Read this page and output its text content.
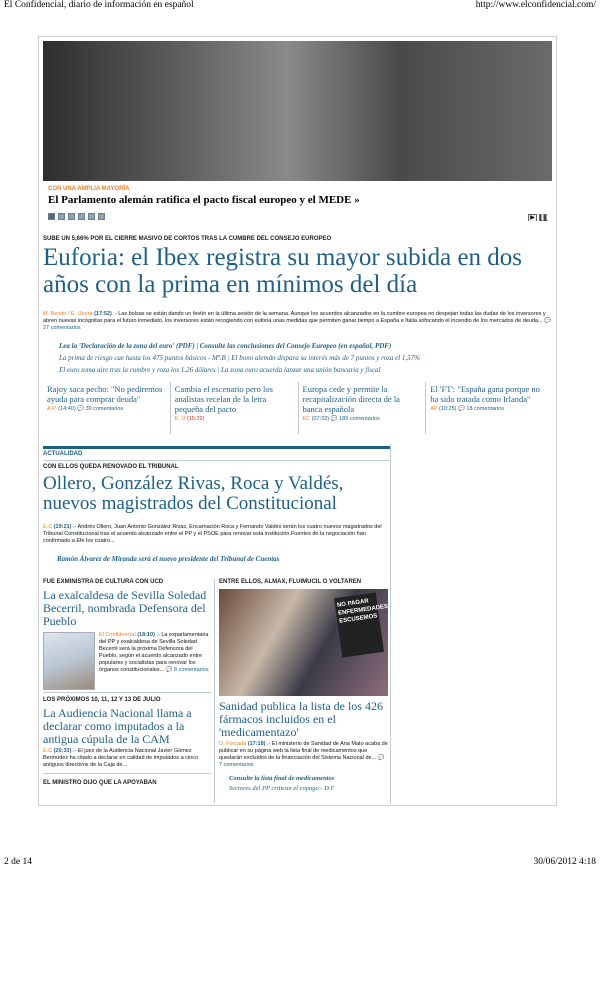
El Confidencial, diario de información en español	http://www.elconfidencial.com/
CON UNA AMPLIA MAYORÍA
El Parlamento alemán ratifica el pacto fiscal europeo y el MEDE »
▶ ❚❚
SUBE UN 5,66% POR EL CIERRE MASIVO DE CORTOS TRAS LA CUMBRE DEL CONSEJO EUROPEO
Euforia: el Ibex registra su mayor subida en dos años con la prima en mínimos del día
M. Benito / E. Ulrera (17:52) .- Las bolsas se están dando un festín en la última sesión de la semana. Aunque los acuerdos alcanzados en la cumbre europea no despejan todas las dudas de los inversores y abren nuevas incógnitas para el futuro inmediato, los inversores están recogiendo con euforia unas medidas que permiten ganar tiempo a España e Italia sofocando el incendio de los mercados de deuda... 💬 27 comentarios
Lea la 'Declaración de la zona del euro' (PDF) | Consulte las conclusiones del Consejo Europeo (en español, PDF)
La prima de riesgo cae hasta los 475 puntos básicos - Mª.B | El bono alemán dispara su interés más de 7 puntos y roza el 1,57%
El euro toma aire tras la cumbre y roza los 1,26 dólares | La zona euro acuerda lanzar una unión bancaria y fiscal
Rajoy saca pecho: "No pediremos ayuda para comprar deuda"
A.P. (14:40) 💬 39 comentarios
Cambia el escenario pero los analistas recelan de la letra pequeña del pacto
E. U (15:29)
Europa cede y permite la recapitalización directa de la banca española
EC (07:32) 💬 189 comentarios
El 'FT': "España gana porque no ha sido tratada como Irlanda"
AP (10:25) 💬 18 comentarios
ACTUALIDAD
CON ELLOS QUEDA RENOVADO EL TRIBUNAL
Ollero, González Rivas, Roca y Valdés, nuevos magistrados del Constitucional
E.C (19:21) .- Andrés Ollero, Juan Antonio González Rivas, Encarnación Roca y Fernando Valdés serán los cuatro nuevos magistrados del Tribunal Constitucional tras el acuerdo alcanzado entre el PP y el PSOE para renovar esta institución.Fuentes de la negociación han confirmado a Efe los cuatro...
Ramón Álvarez de Miranda será el nuevo presidente del Tribunal de Cuentas
FUE EXMINISTRA DE CULTURA CON UCD
La exalcaldesa de Sevilla Soledad Becerril, nombrada Defensora del Pueblo
El Confidencial (18:10) .- La exparlamentaria del PP y exalcaldesa de Sevilla Soledad Becerril será la próxima Defensora del Pueblo, según el acuerdo alcanzado entre populares y socialistas para renovar los órganos constitucionales... 💬 8 comentarios
LOS PRÓXIMOS 10, 11, 12 Y 13 DE JULIO
La Audiencia Nacional llama a declarar como imputados a la antigua cúpula de la CAM
E.C (20:33) .- El juez de la Audiencia Nacional Javier Gómez Bermúdez ha citado a declarar en calidad de imputados a cinco antiguos directivos de la Caja de...
EL MINISTRO DIJO QUE LA APOYABAN
ENTRE ELLOS, ALMAX, FLUIMUCIL O VOLTAREN
NO PAGAR ENFERMEDADES ESCUSEMOS
Sanidad publica la lista de los 426 fármacos incluidos en el 'medicamentazo'
D. Forcada (17:18) .- El ministerio de Sanidad de Ana Mato acaba de publicar en su página web la lista final de medicamentos que quedarán excluidos de la financiación del Sistema Nacional de... 💬 7 comentarios
Consulte la lista final de medicamentos
Sectores del PP critican el copago - D.F
2 de 14	30/06/2012 4:18
